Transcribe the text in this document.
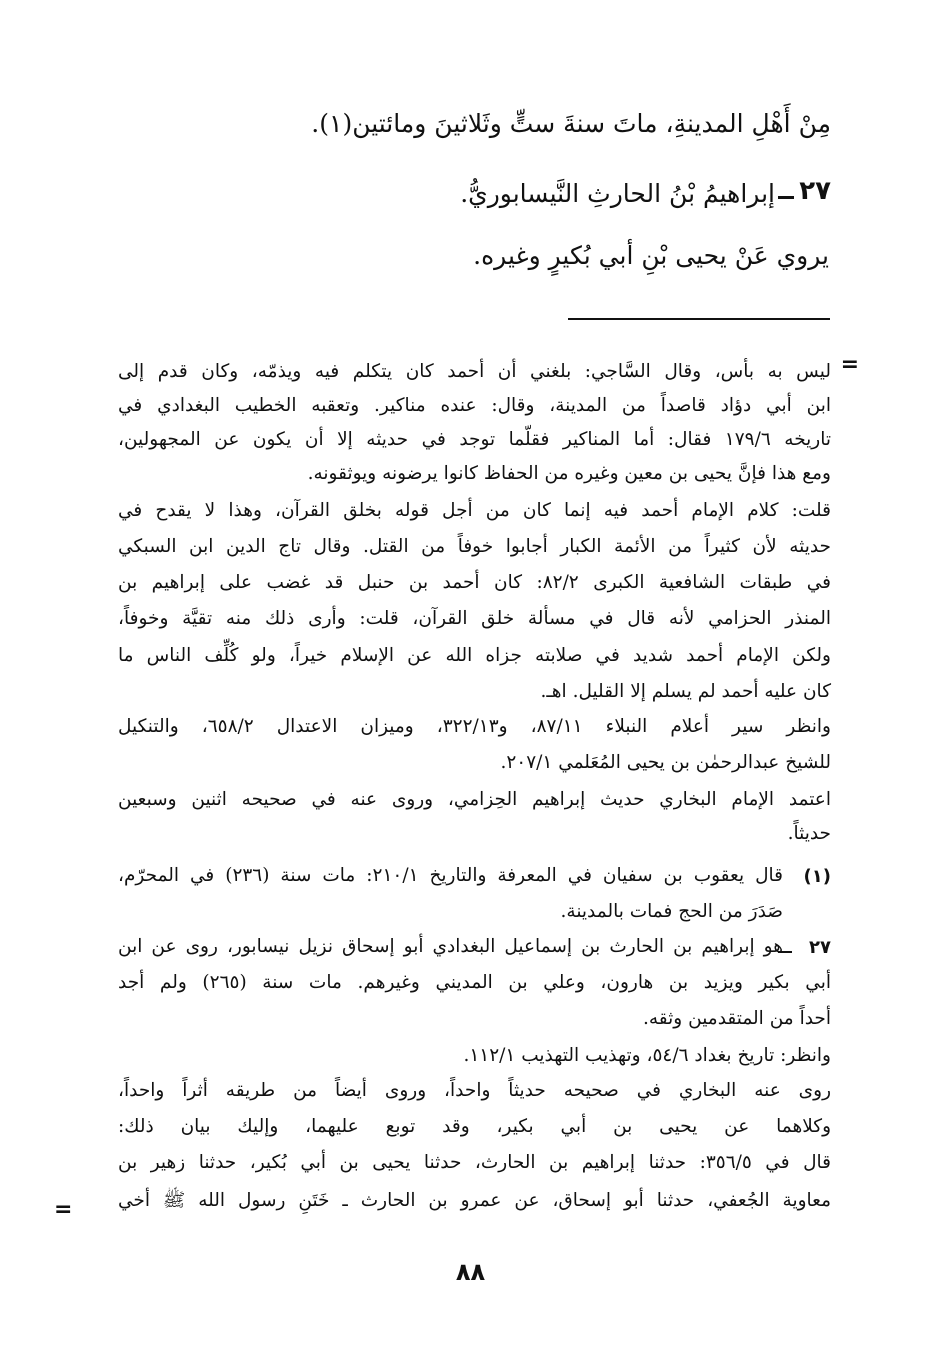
مِنْ أَهْلِ المدينةِ، ماتَ سنةَ ستٍّ وثَلاثينَ ومائتين(١).
٢٧
إبراهيمُ بْنُ الحارثِ النَّيسابوريُّ.
يروي عَنْ يحيى بْنِ أبي بُكيرٍ وغيره.
=
ليس به بأس، وقال السَّاجي: بلغني أن أحمد كان يتكلم فيه ويذمّه، وكان قدم إلى
ابن أبي دؤاد قاصداً من المدينة، وقال: عنده مناكير. وتعقبه الخطيب البغدادي في
تاريخه ١٧٩/٦ فقال: أما المناكير فقلّما توجد في حديثه إلا أن يكون عن المجهولين،
ومع هذا فإنَّ يحيى بن معين وغيره من الحفاظ كانوا يرضونه ويوثقونه.
قلت: كلام الإمام أحمد فيه إنما كان من أجل قوله بخلق القرآن، وهذا لا يقدح في
حديثه لأن كثيراً من الأئمة الكبار أجابوا خوفاً من القتل. وقال تاج الدين ابن السبكي
في طبقات الشافعية الكبرى ٨٢/٢: كان أحمد بن حنبل قد غضب على إبراهيم بن
المنذر الحزامي لأنه قال في مسألة خلق القرآن، قلت: وأرى ذلك منه تقيَّة وخوفاً،
ولكن الإمام أحمد شديد في صلابته جزاه الله عن الإسلام خيراً، ولو كُلِّف الناس ما
كان عليه أحمد لم يسلم إلا القليل. اهـ.
وانظر سير أعلام النبلاء ٨٧/١١، و٣٢٢/١٣، وميزان الاعتدال ٦٥٨/٢، والتنكيل
للشيخ عبدالرحمٰن بن يحيى المُعَلمي ٢٠٧/١.
اعتمد الإمام البخاري حديث إبراهيم الحِزامي، وروى عنه في صحيحه اثنين وسبعين
حديثاً.
(١)
قال يعقوب بن سفيان في المعرفة والتاريخ ٢١٠/١: مات سنة (٢٣٦) في المحرّم،
صَدَرَ من الحج فمات بالمدينة.
٢٧
هو إبراهيم بن الحارث بن إسماعيل البغدادي أبو إسحاق نزيل نيسابور، روى عن ابن
أبي بكير ويزيد بن هارون، وعلي بن المديني وغيرهم. مات سنة (٢٦٥) ولم أجد
أحداً من المتقدمين وثقه.
وانظر: تاريخ بغداد ٥٤/٦، وتهذيب التهذيب ١١٢/١.
روى عنه البخاري في صحيحه حديثاً واحداً، وروى أيضاً من طريقه أثراً واحداً،
وكلاهما عن يحيى بن أبي بكير، وقد توبع عليهما، وإليك بيان ذلك:
قال في ٣٥٦/٥: حدثنا إبراهيم بن الحارث، حدثنا يحيى بن أبي بُكير، حدثنا زهير بن
معاوية الجُعفي، حدثنا أبو إسحاق، عن عمرو بن الحارث ـ خَتَنِ رسول الله ﷺ أخي
=
٨٨
